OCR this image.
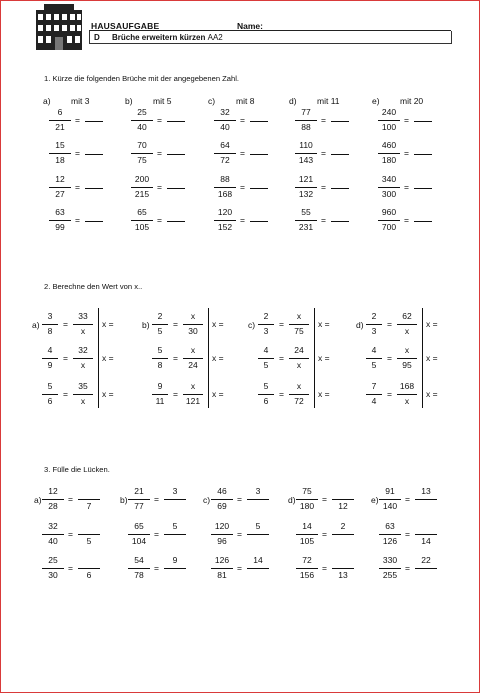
HAUSAUFGABE	Name:
D Brüche erweitern kürzen AA2
1. Kürze die folgenden Brüche mit der angegebenen Zahl.
2. Berechne den Wert von x..
3. Fülle die Lücken.
a) mit 3
6
21
=
15
18
=
12
27
=
63
99
=
b) mit 5
25
40
=
70
75
=
200
215
=
65
105
=
c) mit 8
32
40
=
64
72
=
88
168
=
120
152
=
d) mit 11
77
88
=
110
143
=
121
132
=
55
231
=
e) mit 20
240
100
=
460
180
=
340
300
=
960
700
=
a)
3
8
=
33
x
x =
4
9
=
32
x
x =
5
6
=
35
x
x =
b)
2
5
=
x
30
x =
5
8
=
x
24
x =
9
11
=
x
121
x =
c)
2
3
=
x
75
x =
4
5
=
24
x
x =
5
6
=
x
72
x =
d)
2
3
=
62
x
x =
4
5
=
x
95
x =
7
4
=
168
x
x =
a)
12
28
=
7
32
40
=
5
25
30
=
6
b)
21
77
=
3
65
104
=
5
54
78
=
9
c)
46
69
=
3
120
96
=
5
126
81
=
14
d)
75
180
=
12
14
105
=
2
72
156
=
13
e)
91
140
=
13
63
126
=
14
330
255
=
22
